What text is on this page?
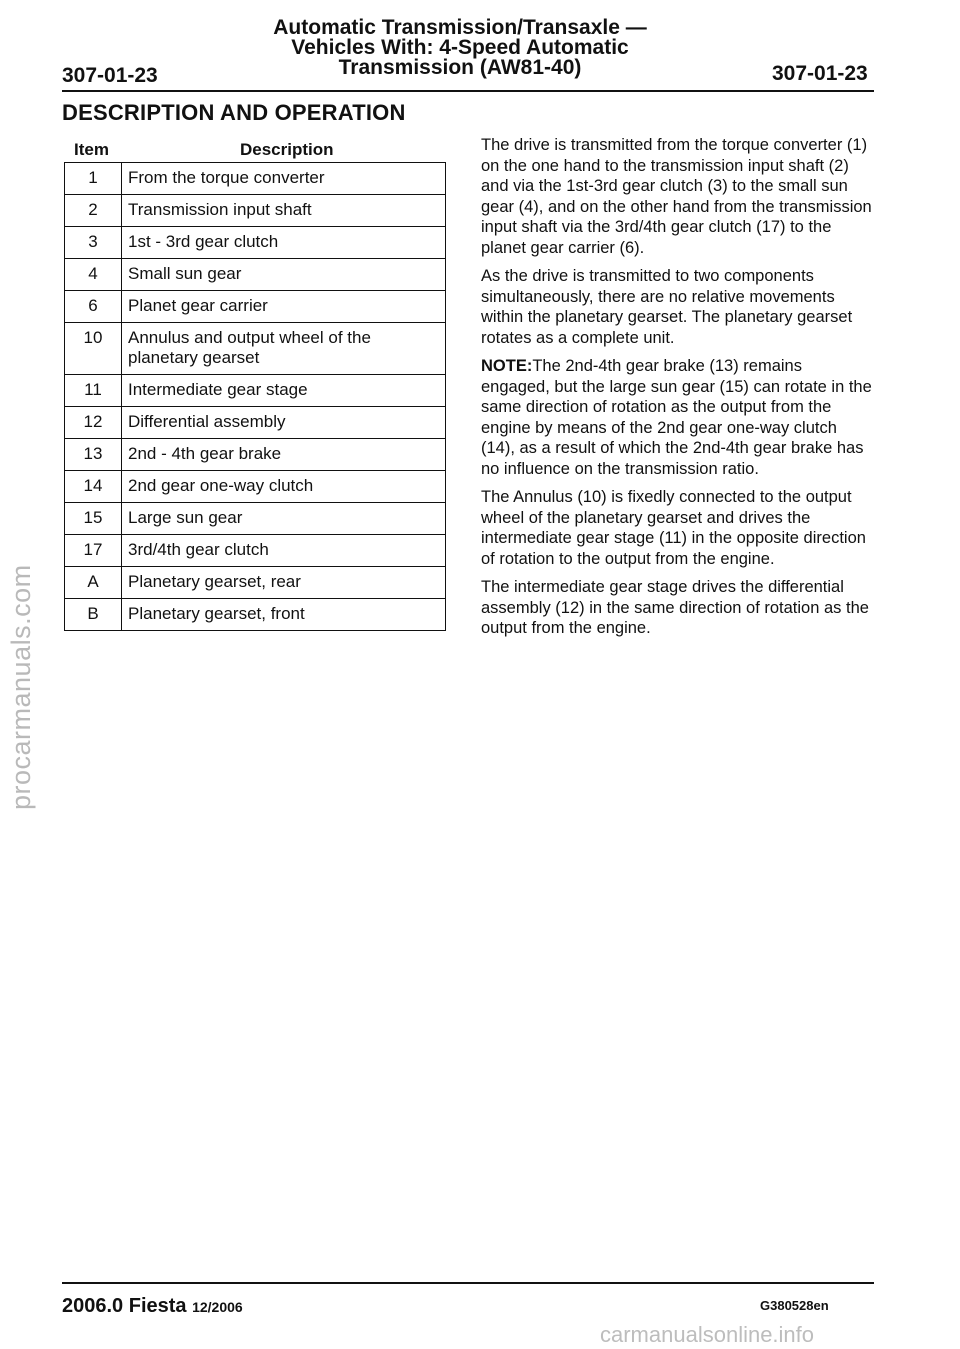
Automatic Transmission/Transaxle —
Vehicles With: 4-Speed Automatic
Transmission (AW81-40)
307-01-23	307-01-23
DESCRIPTION AND OPERATION
Item	Description
1	From the torque converter
2	Transmission input shaft
3	1st - 3rd gear clutch
4	Small sun gear
6	Planet gear carrier
10	Annulus and output wheel of the planetary gearset
11	Intermediate gear stage
12	Differential assembly
13	2nd - 4th gear brake
14	2nd gear one-way clutch
15	Large sun gear
17	3rd/4th gear clutch
A	Planetary gearset, rear
B	Planetary gearset, front

The drive is transmitted from the torque converter (1) on the one hand to the transmission input shaft (2) and via the 1st-3rd gear clutch (3) to the small sun gear (4), and on the other hand from the transmission input shaft via the 3rd/4th gear clutch (17) to the planet gear carrier (6).

As the drive is transmitted to two components simultaneously, there are no relative movements within the planetary gearset. The planetary gearset rotates as a complete unit.

NOTE:The 2nd-4th gear brake (13) remains engaged, but the large sun gear (15) can rotate in the same direction of rotation as the output from the engine by means of the 2nd gear one-way clutch (14), as a result of which the 2nd-4th gear brake has no influence on the transmission ratio.

The Annulus (10) is fixedly connected to the output wheel of the planetary gearset and drives the intermediate gear stage (11) in the opposite direction of rotation to the output from the engine.

The intermediate gear stage drives the differential assembly (12) in the same direction of rotation as the output from the engine.

2006.0 Fiesta 12/2006	G380528en
procarmanuals.com
carmanualsonline.info
